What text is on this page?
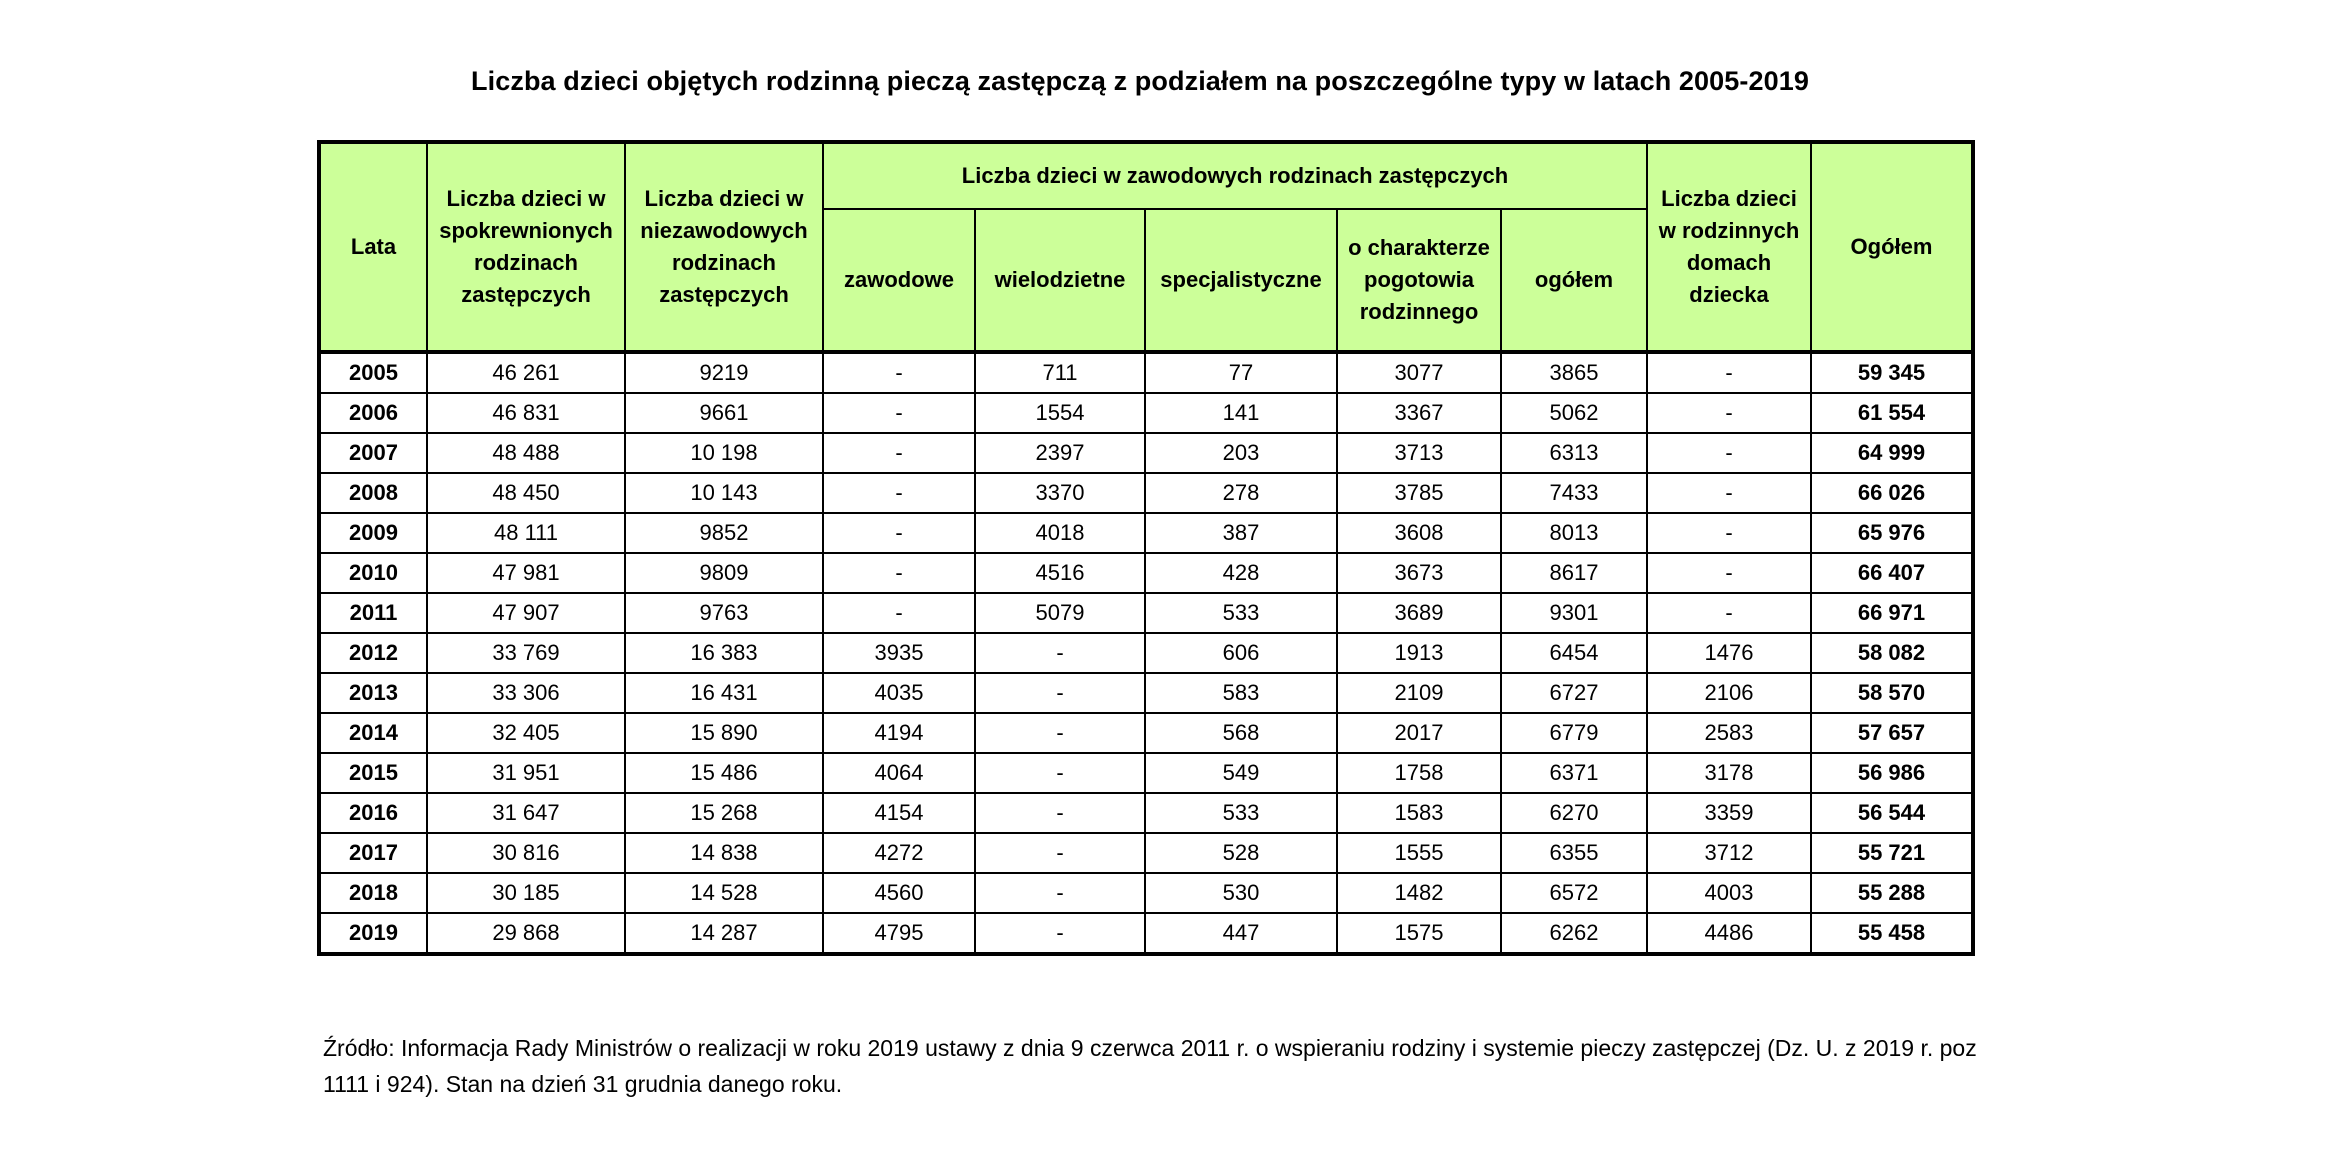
Liczba dzieci objętych rodzinną pieczą zastępczą z podziałem na poszczególne typy w latach 2005-2019
Lata	Liczba dzieci w spokrewnionych rodzinach zastępczych	Liczba dzieci w niezawodowych rodzinach zastępczych	Liczba dzieci w zawodowych rodzinach zastępczych					Liczba dzieci w rodzinnych domach dziecka	Ogółem
			zawodowe	wielodzietne	specjalistyczne	o charakterze pogotowia rodzinnego	ogółem		
2005	46 261	9219	-	711	77	3077	3865	-	59 345
2006	46 831	9661	-	1554	141	3367	5062	-	61 554
2007	48 488	10 198	-	2397	203	3713	6313	-	64 999
2008	48 450	10 143	-	3370	278	3785	7433	-	66 026
2009	48 111	9852	-	4018	387	3608	8013	-	65 976
2010	47 981	9809	-	4516	428	3673	8617	-	66 407
2011	47 907	9763	-	5079	533	3689	9301	-	66 971
2012	33 769	16 383	3935	-	606	1913	6454	1476	58 082
2013	33 306	16 431	4035	-	583	2109	6727	2106	58 570
2014	32 405	15 890	4194	-	568	2017	6779	2583	57 657
2015	31 951	15 486	4064	-	549	1758	6371	3178	56 986
2016	31 647	15 268	4154	-	533	1583	6270	3359	56 544
2017	30 816	14 838	4272	-	528	1555	6355	3712	55 721
2018	30 185	14 528	4560	-	530	1482	6572	4003	55 288
2019	29 868	14 287	4795	-	447	1575	6262	4486	55 458
Źródło: Informacja Rady Ministrów o realizacji w roku 2019 ustawy z dnia 9 czerwca 2011 r. o wspieraniu rodziny i systemie pieczy zastępczej (Dz. U. z 2019 r. poz 1111 i 924). Stan na dzień 31 grudnia danego roku.
